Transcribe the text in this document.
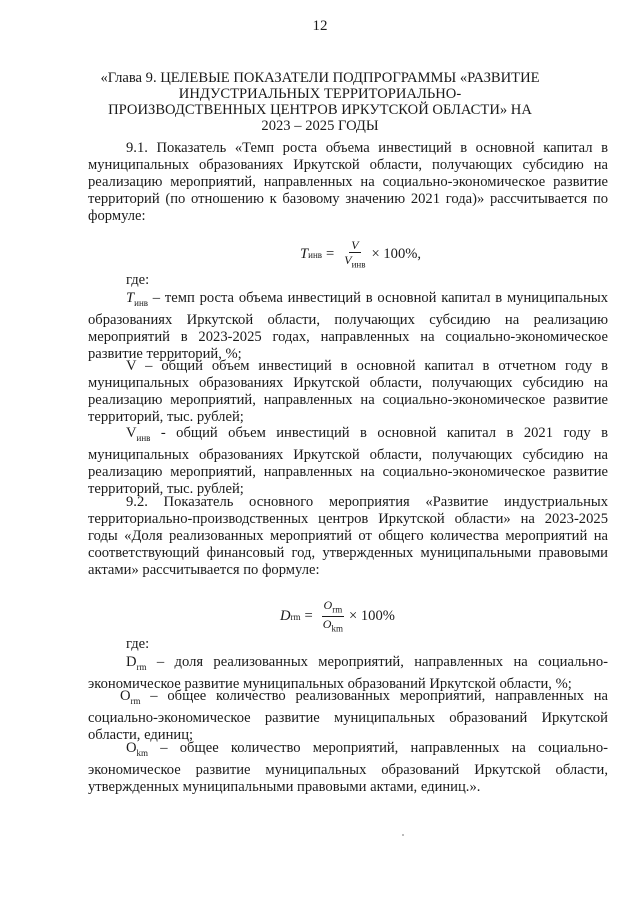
12
«Глава 9. ЦЕЛЕВЫЕ ПОКАЗАТЕЛИ ПОДПРОГРАММЫ «РАЗВИТИЕ ИНДУСТРИАЛЬНЫХ ТЕРРИТОРИАЛЬНО-ПРОИЗВОДСТВЕННЫХ ЦЕНТРОВ ИРКУТСКОЙ ОБЛАСТИ» НА 2023 – 2025 ГОДЫ

9.1. Показатель «Темп роста объема инвестиций в основной капитал в муниципальных образованиях Иркутской области, получающих субсидию на реализацию мероприятий, направленных на социально-экономическое развитие территорий (по отношению к базовому значению 2021 года)» рассчитывается по формуле:

T инв = $\frac{V}{V_{инв}} \times 100\%$,
где:

$T_{инв}$ – темп роста объема инвестиций в основной капитал в муниципальных образованиях Иркутской области, получающих субсидию на реализацию мероприятий в 2023-2025 годах, направленных на социально-экономическое развитие территорий, %;

V – общий объем инвестиций в основной капитал в отчетном году в муниципальных образованиях Иркутской области, получающих субсидию на реализацию мероприятий, направленных на социально-экономическое развитие территорий, тыс. рублей;

$V_{инв}$ - общий объем инвестиций в основной капитал в 2021 году в муниципальных образованиях Иркутской области, получающих субсидию на реализацию мероприятий, направленных на социально-экономическое развитие территорий, тыс. рублей;

9.2. Показатель основного мероприятия «Развитие индустриальных территориально-производственных центров Иркутской области» на 2023-2025 годы «Доля реализованных мероприятий от общего количества мероприятий на соответствующий финансовый год, утвержденных муниципальными правовыми актами» рассчитывается по формуле:

D rm = $\frac{O_{rm}}{O_{km}} \times 100\%$
где:

$D_{rm}$ – доля реализованных мероприятий, направленных на социально-экономическое развитие муниципальных образований Иркутской области, %;

$O_{rm}$ – общее количество реализованных мероприятий, направленных на социально-экономическое развитие муниципальных образований Иркутской области, единиц;

$O_{km}$ – общее количество мероприятий, направленных на социально-экономическое развитие муниципальных образований Иркутской области, утвержденных муниципальными правовыми актами, единиц.».
